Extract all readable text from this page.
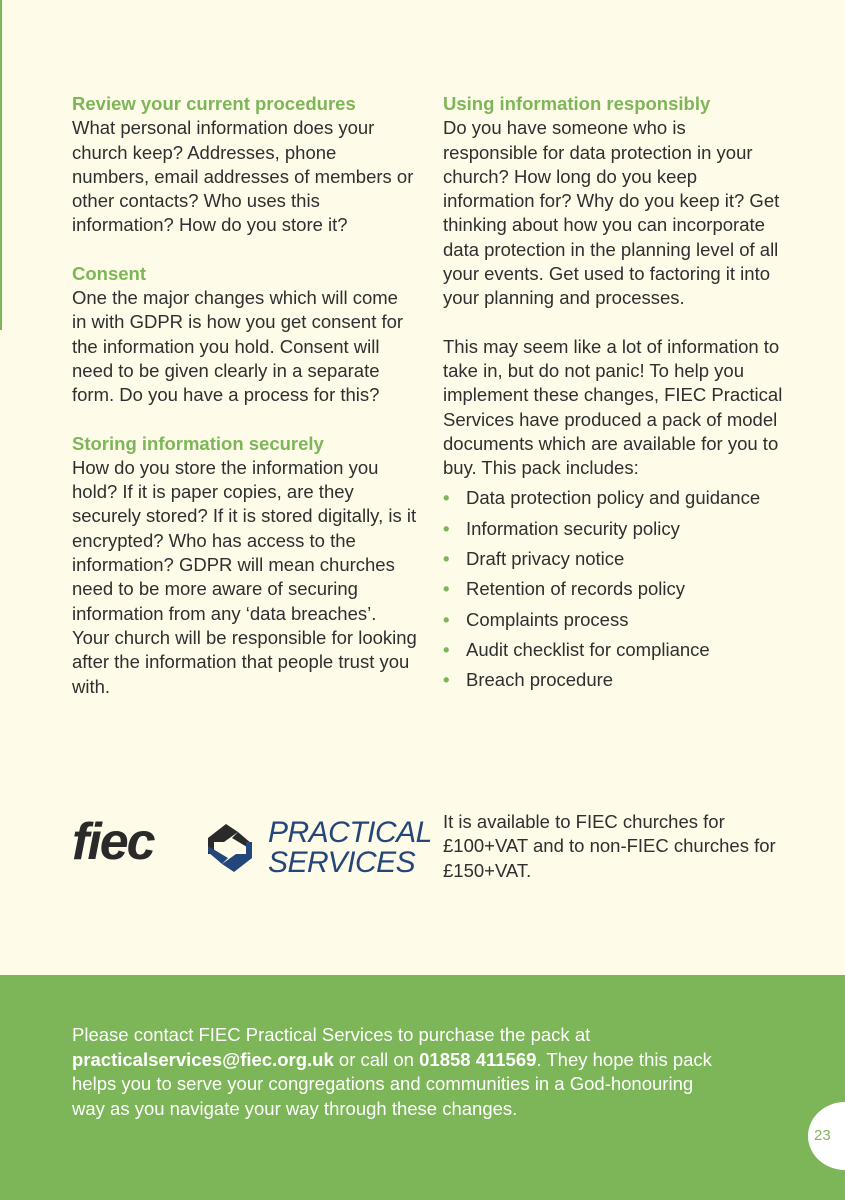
Review your current procedures

What personal information does your church keep? Addresses, phone numbers, email addresses of members or other contacts? Who uses this information? How do you store it?

Consent

One the major changes which will come in with GDPR is how you get consent for the information you hold. Consent will need to be given clearly in a separate form. Do you have a process for this?

Storing information securely

How do you store the information you hold? If it is paper copies, are they securely stored? If it is stored digitally, is it encrypted? Who has access to the information? GDPR will mean churches need to be more aware of securing information from any ‘data breaches’. Your church will be responsible for looking after the information that people trust you with.

Using information responsibly

Do you have someone who is responsible for data protection in your church? How long do you keep information for? Why do you keep it? Get thinking about how you can incorporate data protection in the planning level of all your events. Get used to factoring it into your planning and processes.

This may seem like a lot of information to take in, but do not panic! To help you implement these changes, FIEC Practical Services have produced a pack of model documents which are available for you to buy. This pack includes:

• Data protection policy and guidance
• Information security policy
• Draft privacy notice
• Retention of records policy
• Complaints process
• Audit checklist for compliance
• Breach procedure
fiec	PRACTICAL
SERVICES

It is available to FIEC churches for £100+VAT and to non-FIEC churches for £150+VAT.

Please contact FIEC Practical Services to purchase the pack at practicalservices@fiec.org.uk or call on 01858 411569. They hope this pack helps you to serve your congregations and communities in a God-honouring way as you navigate your way through these changes.

23
